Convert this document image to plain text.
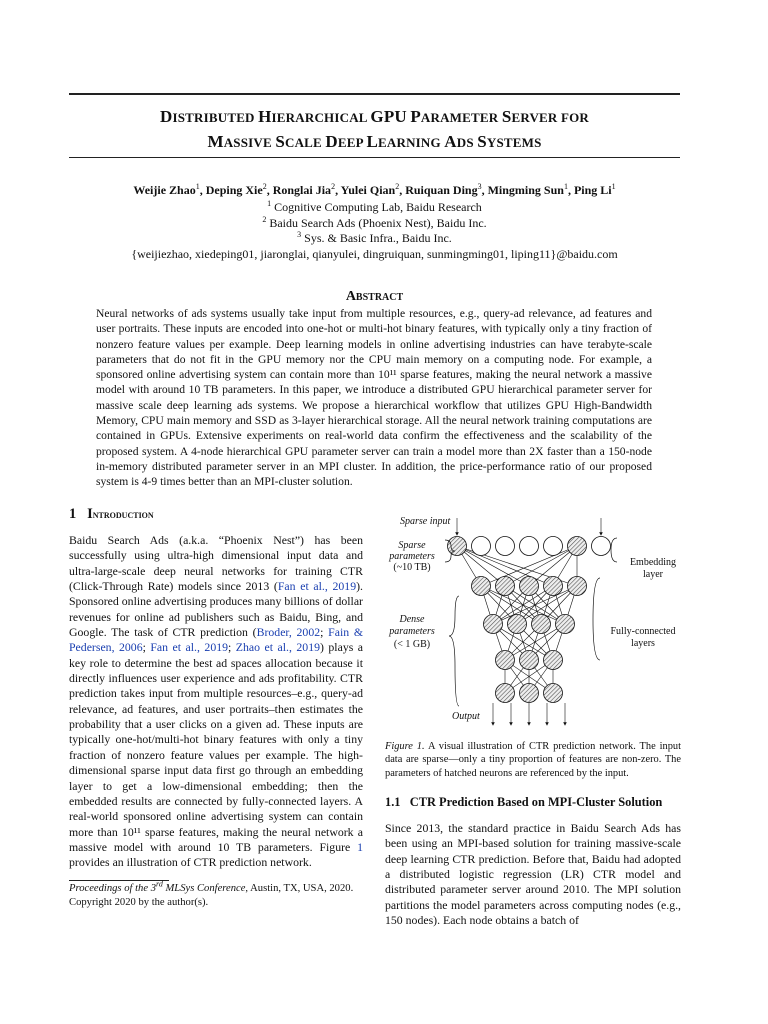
DISTRIBUTED HIERARCHICAL GPU PARAMETER SERVER FOR
MASSIVE SCALE DEEP LEARNING ADS SYSTEMS
Weijie Zhao$^1$, Deping Xie$^2$, Ronglai Jia$^2$, Yulei Qian$^2$, Ruiquan Ding$^3$, Mingming Sun$^1$, Ping Li$^1$
$^1$ Cognitive Computing Lab, Baidu Research
$^2$ Baidu Search Ads (Phoenix Nest), Baidu Inc.
$^3$ Sys. & Basic Infra., Baidu Inc.
{weijiezhao, xiedeping01, jiaronglai, qianyulei, dingruiquan, sunmingming01, liping11}@baidu.com
Abstract
Neural networks of ads systems usually take input from multiple resources, e.g., query-ad relevance, ad features and user portraits. These inputs are encoded into one-hot or multi-hot binary features, with typically only a tiny fraction of nonzero feature values per example. Deep learning models in online advertising industries can have terabyte-scale parameters that do not fit in the GPU memory nor the CPU main memory on a computing node. For example, a sponsored online advertising system can contain more than 10¹¹ sparse features, making the neural network a massive model with around 10 TB parameters. In this paper, we introduce a distributed GPU hierarchical parameter server for massive scale deep learning ads systems. We propose a hierarchical workflow that utilizes GPU High-Bandwidth Memory, CPU main memory and SSD as 3-layer hierarchical storage. All the neural network training computations are contained in GPUs. Extensive experiments on real-world data confirm the effectiveness and the scalability of the proposed system. A 4-node hierarchical GPU parameter server can train a model more than 2X faster than a 150-node in-memory distributed parameter server in an MPI cluster. In addition, the price-performance ratio of our proposed system is 4-9 times better than an MPI-cluster solution.
1 Introduction
Baidu Search Ads (a.k.a. “Phoenix Nest”) has been successfully using ultra-high dimensional input data and ultra-large-scale deep neural networks for training CTR (Click-Through Rate) models since 2013 (Fan et al., 2019). Sponsored online advertising produces many billions of dollar revenues for online ad publishers such as Baidu, Bing, and Google. The task of CTR prediction (Broder, 2002; Fain & Pedersen, 2006; Fan et al., 2019; Zhao et al., 2019) plays a key role to determine the best ad spaces allocation because it directly influences user experience and ads profitability. CTR prediction takes input from multiple resources–e.g., query-ad relevance, ad features, and user portraits–then estimates the probability that a user clicks on a given ad. These inputs are typically one-hot/multi-hot binary features with only a tiny fraction of nonzero feature values per example. The high-dimensional sparse input data first go through an embedding layer to get a low-dimensional embedding; then the embedded results are connected by fully-connected layers. A real-world sponsored online advertising system can contain more than 10¹¹ sparse features, making the neural network a massive model with around 10 TB parameters. Figure 1 provides an illustration of CTR prediction network.
Proceedings of the 3rd MLSys Conference, Austin, TX, USA, 2020. Copyright 2020 by the author(s).
Sparse input
Sparse
parameters
(~10 TB)	Embedding
layer
Dense
parameters
(< 1 GB)
Fully-connected
layers
Output
Figure 1. A visual illustration of CTR prediction network. The input data are sparse—only a tiny proportion of features are non-zero. The parameters of hatched neurons are referenced by the input.
1.1 CTR Prediction Based on MPI-Cluster Solution
Since 2013, the standard practice in Baidu Search Ads has been using an MPI-based solution for training massive-scale deep learning CTR prediction. Before that, Baidu had adopted a distributed logistic regression (LR) CTR model and distributed parameter server around 2010. The MPI solution partitions the model parameters across computing nodes (e.g., 150 nodes). Each node obtains a batch of
